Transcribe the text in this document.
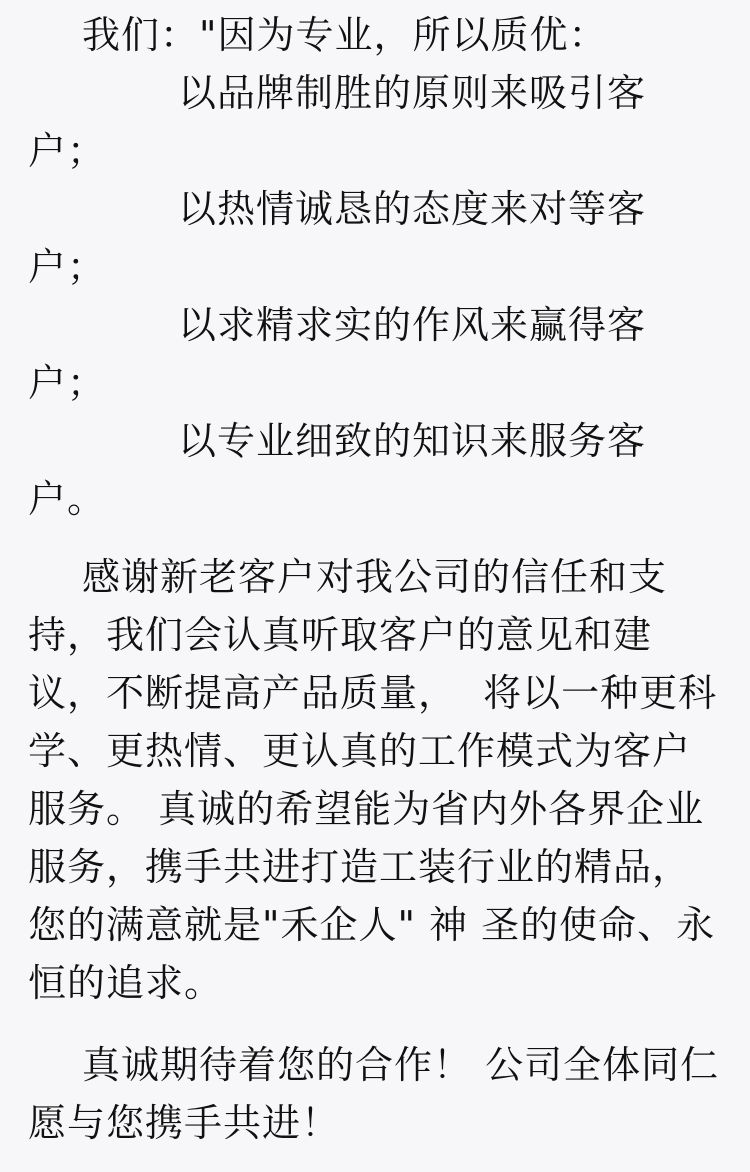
我们："因为专业，所以质优：
以品牌制胜的原则来吸引客
户；
以热情诚恳的态度来对等客
户；
以求精求实的作风来赢得客
户；
以专业细致的知识来服务客
户。
感谢新老客户对我公司的信任和支
持，我们会认真听取客户的意见和建
议，不断提高产品质量，  将以一种更科
学、更热情、更认真的工作模式为客户
服务。 真诚的希望能为省内外各界企业
服务，携手共进打造工装行业的精品，
您的满意就是"禾企人" 神 圣的使命、永
恒的追求。
真诚期待着您的合作！ 公司全体同仁
愿与您携手共进！
